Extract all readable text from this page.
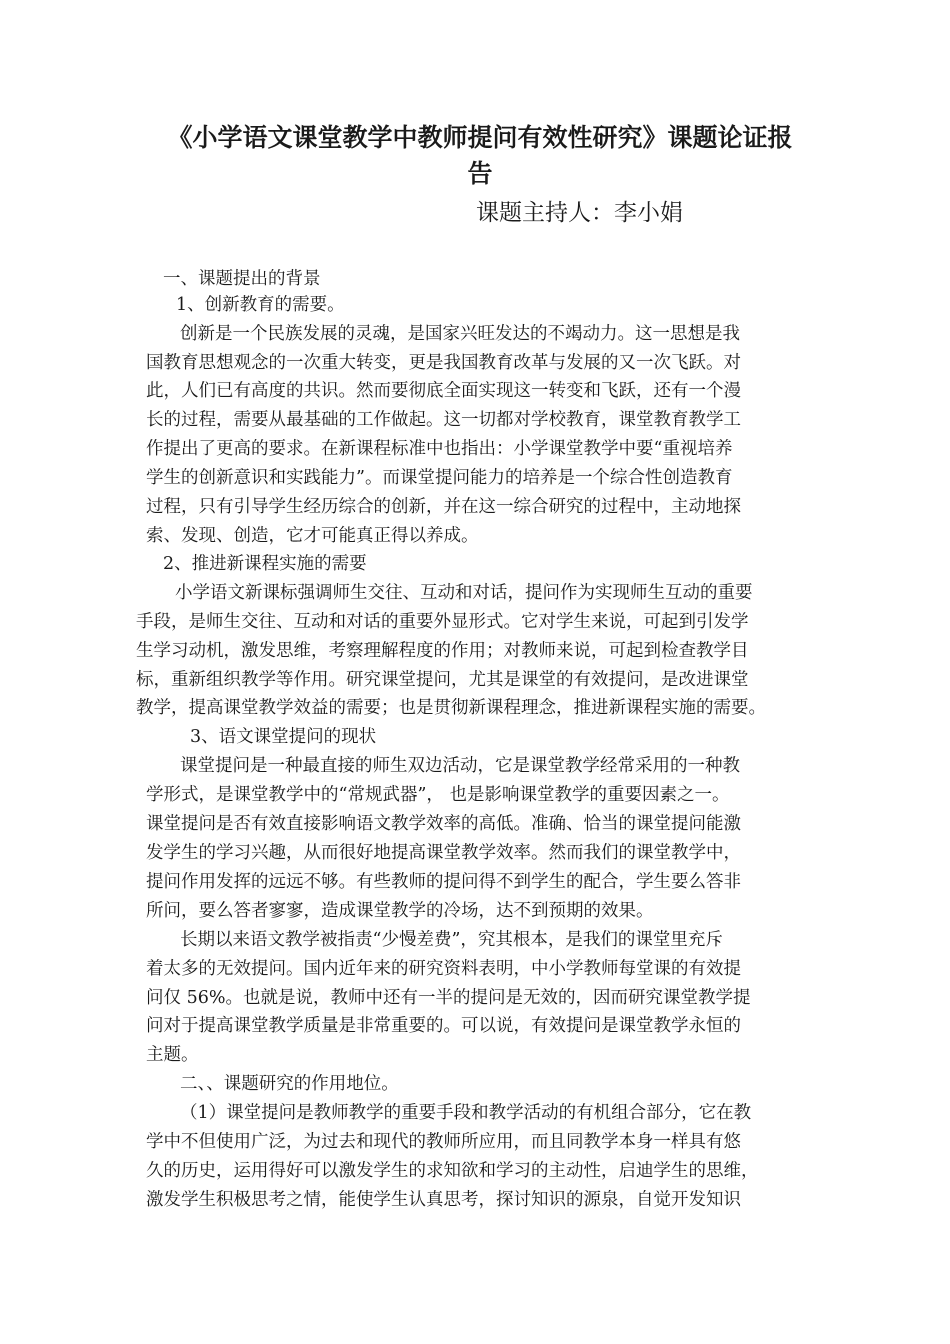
《小学语文课堂教学中教师提问有效性研究》课题论证报
告
课题主持人：李小娟
一、课题提出的背景
1、创新教育的需要。
创新是一个民族发展的灵魂，是国家兴旺发达的不竭动力。这一思想是我
国教育思想观念的一次重大转变，更是我国教育改革与发展的又一次飞跃。对
此，人们已有高度的共识。然而要彻底全面实现这一转变和飞跃，还有一个漫
长的过程，需要从最基础的工作做起。这一切都对学校教育，课堂教育教学工
作提出了更高的要求。在新课程标准中也指出：小学课堂教学中要“重视培养
学生的创新意识和实践能力”。而课堂提问能力的培养是一个综合性创造教育
过程，只有引导学生经历综合的创新，并在这一综合研究的过程中，主动地探
索、发现、创造，它才可能真正得以养成。
2、推进新课程实施的需要
小学语文新课标强调师生交往、互动和对话，提问作为实现师生互动的重要
手段，是师生交往、互动和对话的重要外显形式。它对学生来说，可起到引发学
生学习动机，激发思维，考察理解程度的作用；对教师来说，可起到检查教学目
标，重新组织教学等作用。研究课堂提问，尤其是课堂的有效提问，是改进课堂
教学，提高课堂教学效益的需要；也是贯彻新课程理念，推进新课程实施的需要。
3、语文课堂提问的现状
课堂提问是一种最直接的师生双边活动，它是课堂教学经常采用的一种教
学形式，是课堂教学中的“常规武器”， 也是影响课堂教学的重要因素之一。
课堂提问是否有效直接影响语文教学效率的高低。准确、恰当的课堂提问能激
发学生的学习兴趣，从而很好地提高课堂教学效率。然而我们的课堂教学中，
提问作用发挥的远远不够。有些教师的提问得不到学生的配合，学生要么答非
所问，要么答者寥寥，造成课堂教学的冷场，达不到预期的效果。
长期以来语文教学被指责“少慢差费”，究其根本，是我们的课堂里充斥
着太多的无效提问。国内近年来的研究资料表明，中小学教师每堂课的有效提
问仅 56%。也就是说，教师中还有一半的提问是无效的，因而研究课堂教学提
问对于提高课堂教学质量是非常重要的。可以说，有效提问是课堂教学永恒的
主题。
二、、课题研究的作用地位。
（1）课堂提问是教师教学的重要手段和教学活动的有机组合部分，它在教
学中不但使用广泛，为过去和现代的教师所应用，而且同教学本身一样具有悠
久的历史，运用得好可以激发学生的求知欲和学习的主动性，启迪学生的思维，
激发学生积极思考之情，能使学生认真思考，探讨知识的源泉，自觉开发知识
